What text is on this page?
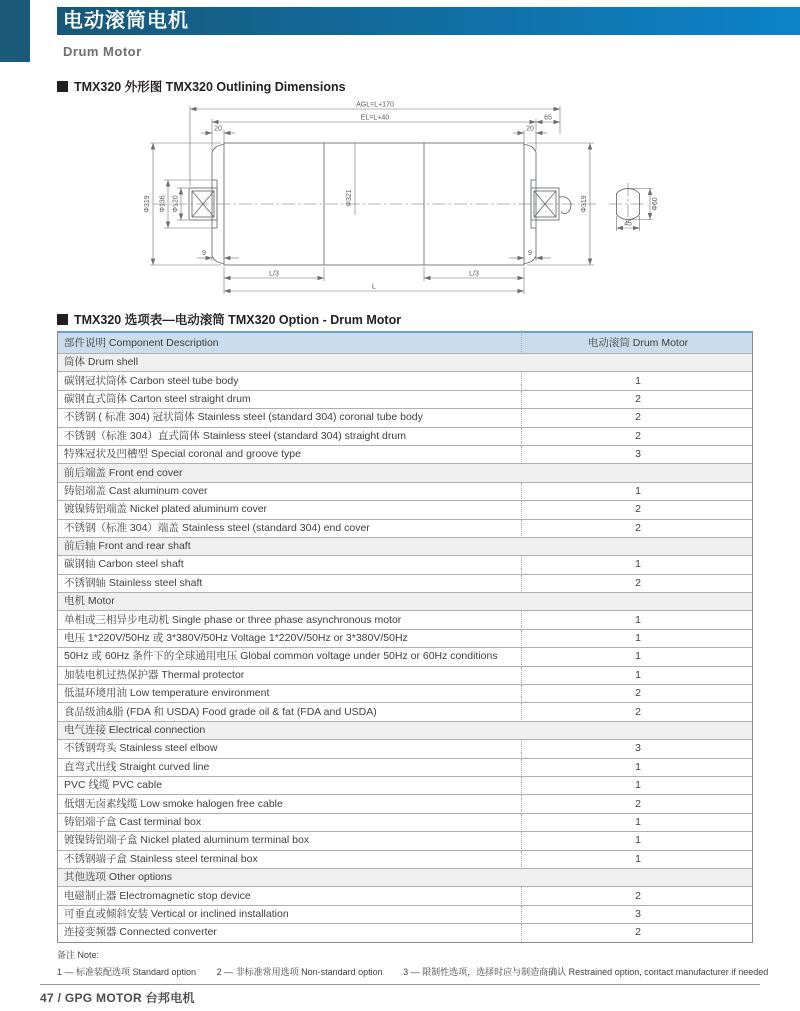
电动滚筒电机
Drum Motor
TMX320 外形图 TMX320 Outlining Dimensions
AGL=L+170
EL=L+40	65
20	20
Φ319 Φ136 Φ120	Φ321	Φ319
9	9
L/3	L/3
L
Φ60
45
TMX320 选项表—电动滚筒 TMX320 Option - Drum Motor
部件说明 Component Description	电动滚筒 Drum Motor
筒体 Drum shell	
碳钢冠状筒体 Carbon steel tube body	1
碳钢直式筒体 Carton steel straight drum	2
不锈钢 ( 标准 304) 冠状筒体 Stainless steel (standard 304) coronal tube body	2
不锈钢（标准 304）直式筒体 Stainless steel (standard 304) straight drum	2
特殊冠状及凹槽型 Special coronal and groove type	3
前后端盖 Front end cover	
铸铝端盖 Cast aluminum cover	1
镀镍铸铝端盖 Nickel plated aluminum cover	2
不锈钢（标准 304）端盖 Stainless steel (standard 304) end cover	2
前后轴 Front and rear shaft	
碳钢轴 Carbon steel shaft	1
不锈钢轴 Stainless steel shaft	2
电机 Motor	
单相或三相异步电动机 Single phase or three phase asynchronous motor	1
电压 1*220V/50Hz 或 3*380V/50Hz Voltage 1*220V/50Hz or 3*380V/50Hz	1
50Hz 或 60Hz 条件下的全球通用电压 Global common voltage under 50Hz or 60Hz conditions	1
加装电机过热保护器 Thermal protector	1
低温环境用油 Low temperature environment	2
食品级油&脂 (FDA 和 USDA) Food grade oil & fat (FDA and USDA)	2
电气连接 Electrical connection	
不锈钢弯头 Stainless steel elbow	3
直弯式出线 Straight curved line	1
PVC 线缆 PVC cable	1
低烟无卤素线缆 Low smoke halogen free cable	2
铸铝端子盒 Cast terminal box	1
镀镍铸铝端子盒 Nickel plated aluminum terminal box	1
不锈钢端子盒 Stainless steel terminal box	1
其他选项 Other options	
电磁制止器 Electromagnetic stop device	2
可垂直或倾斜安装 Vertical or inclined installation	3
连接变频器 Connected converter	2
备注 Note:
1 — 标准装配选项 Standard option 2 — 非标准常用选项 Non-standard option 3 — 限制性选项，选择时应与制造商确认 Restrained option, contact manufacturer if needed
47 / GPG MOTOR 台邦电机
